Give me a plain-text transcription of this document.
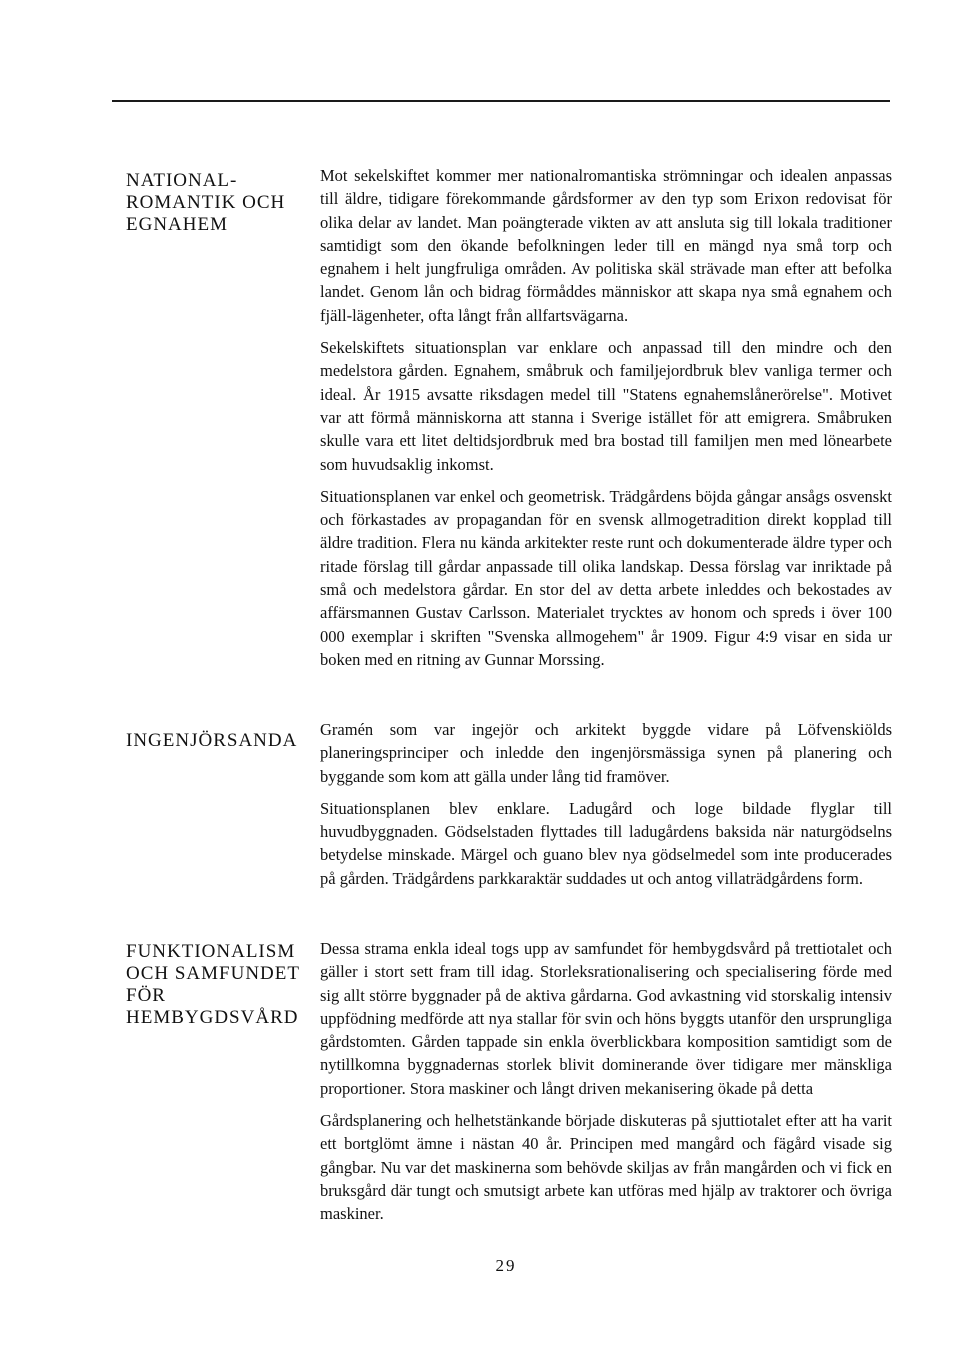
NATIONAL-
ROMANTIK OCH
EGNAHEM

Mot sekelskiftet kommer mer nationalromantiska strömningar och idealen anpassas till äldre, tidigare förekommande gårdsformer av den typ som Erixon redovisat för olika delar av landet. Man poängterade vikten av att ansluta sig till lokala traditioner samtidigt som den ökande befolkningen leder till en mängd nya små torp och egnahem i helt jungfruliga områden. Av politiska skäl strävade man efter att befolka landet. Genom lån och bidrag förmåddes människor att skapa nya små egnahem och fjäll-lägenheter, ofta långt från allfartsvägarna.

Sekelskiftets situationsplan var enklare och anpassad till den mindre och den medelstora gården. Egnahem, småbruk och familjejordbruk blev vanliga termer och ideal. År 1915 avsatte riksdagen medel till "Statens egnahemslånerörelse". Motivet var att förmå människorna att stanna i Sverige istället för att emigrera. Småbruken skulle vara ett litet deltidsjordbruk med bra bostad till familjen men med lönearbete som huvudsaklig inkomst.

Situationsplanen var enkel och geometrisk. Trädgårdens böjda gångar ansågs osvenskt och förkastades av propagandan för en svensk allmogetradition direkt kopplad till äldre tradition. Flera nu kända arkitekter reste runt och dokumenterade äldre typer och ritade förslag till gårdar anpassade till olika landskap. Dessa förslag var inriktade på små och medelstora gårdar. En stor del av detta arbete inleddes och bekostades av affärsmannen Gustav Carlsson. Materialet trycktes av honom och spreds i över 100 000 exemplar i skriften "Svenska allmogehem" år 1909. Figur 4:9 visar en sida ur boken med en ritning av Gunnar Morssing.

INGENJÖRSANDA

Gramén som var ingejör och arkitekt byggde vidare på Löfvenskiölds planeringsprinciper och inledde den ingenjörsmässiga synen på planering och byggande som kom att gälla under lång tid framöver.

Situationsplanen blev enklare. Ladugård och loge bildade flyglar till huvudbyggnaden. Gödselstaden flyttades till ladugårdens baksida när naturgödselns betydelse minskade. Märgel och guano blev nya gödselmedel som inte producerades på gården. Trädgårdens parkkaraktär suddades ut och antog villaträdgårdens form.

FUNKTIONALISM
OCH SAMFUNDET
FÖR
HEMBYGDSVÅRD

Dessa strama enkla ideal togs upp av samfundet för hembygdsvård på trettiotalet och gäller i stort sett fram till idag. Storleksrationalisering och specialisering förde med sig allt större byggnader på de aktiva gårdarna. God avkastning vid storskalig intensiv uppfödning medförde att nya stallar för svin och höns byggts utanför den ursprungliga gårdstomten. Gården tappade sin enkla överblickbara komposition samtidigt som de nytillkomna byggnadernas storlek blivit dominerande över tidigare mer mänskliga proportioner. Stora maskiner och långt driven mekanisering ökade på detta

Gårdsplanering och helhetstänkande började diskuteras på sjuttiotalet efter att ha varit ett bortglömt ämne i nästan 40 år. Principen med mangård och fägård visade sig gångbar. Nu var det maskinerna som behövde skiljas av från mangården och vi fick en bruksgård där tungt och smutsigt arbete kan utföras med hjälp av traktorer och övriga maskiner.

29
